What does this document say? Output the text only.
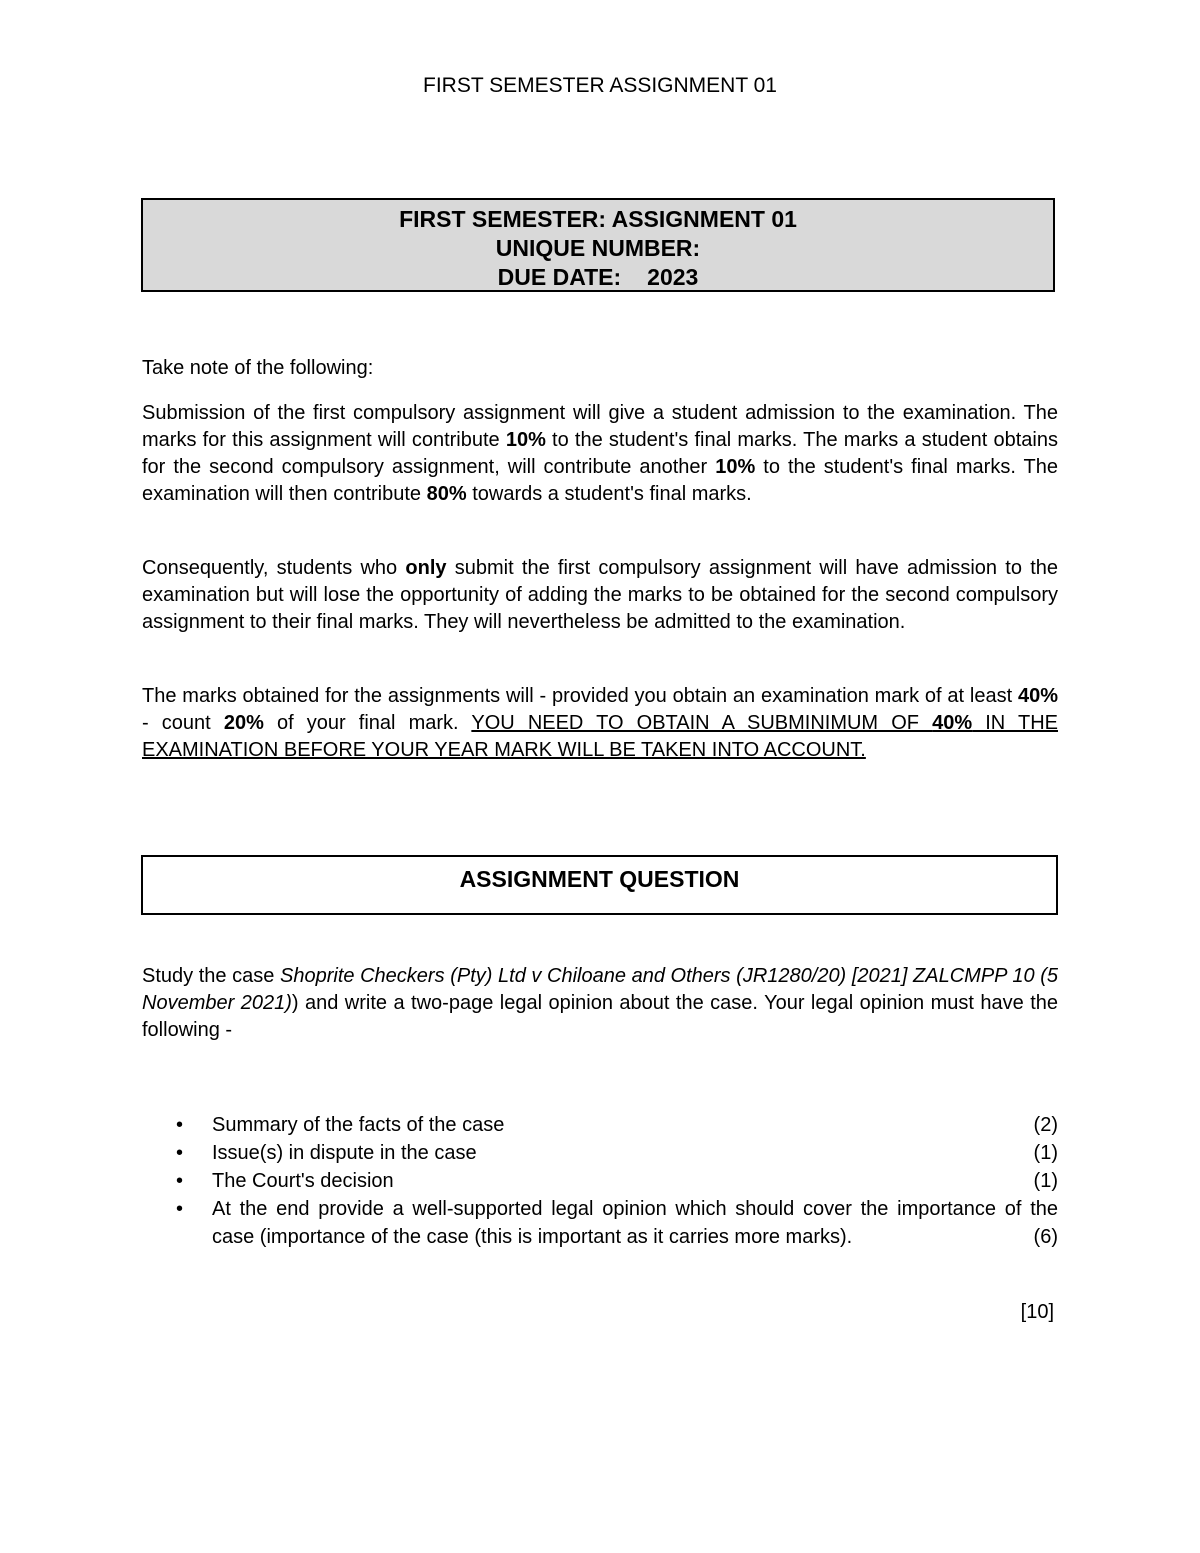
FIRST SEMESTER ASSIGNMENT 01
FIRST SEMESTER: ASSIGNMENT 01
UNIQUE NUMBER:
DUE DATE: 2023
Take note of the following:
Submission of the first compulsory assignment will give a student admission to the examination. The marks for this assignment will contribute 10% to the student's final marks. The marks a student obtains for the second compulsory assignment, will contribute another 10% to the student's final marks. The examination will then contribute 80% towards a student's final marks.
Consequently, students who only submit the first compulsory assignment will have admission to the examination but will lose the opportunity of adding the marks to be obtained for the second compulsory assignment to their final marks. They will nevertheless be admitted to the examination.
The marks obtained for the assignments will - provided you obtain an examination mark of at least 40% - count 20% of your final mark. YOU NEED TO OBTAIN A SUBMINIMUM OF 40% IN THE EXAMINATION BEFORE YOUR YEAR MARK WILL BE TAKEN INTO ACCOUNT.
ASSIGNMENT QUESTION
Study the case Shoprite Checkers (Pty) Ltd v Chiloane and Others (JR1280/20) [2021] ZALCMPP 10 (5 November 2021)) and write a two-page legal opinion about the case. Your legal opinion must have the following -
• Summary of the facts of the case	(2)
• Issue(s) in dispute in the case	(1)
• The Court's decision	(1)
• At the end provide a well-supported legal opinion which should cover the importance of the case (importance of the case (this is important as it carries more marks).	(6)
[10]
